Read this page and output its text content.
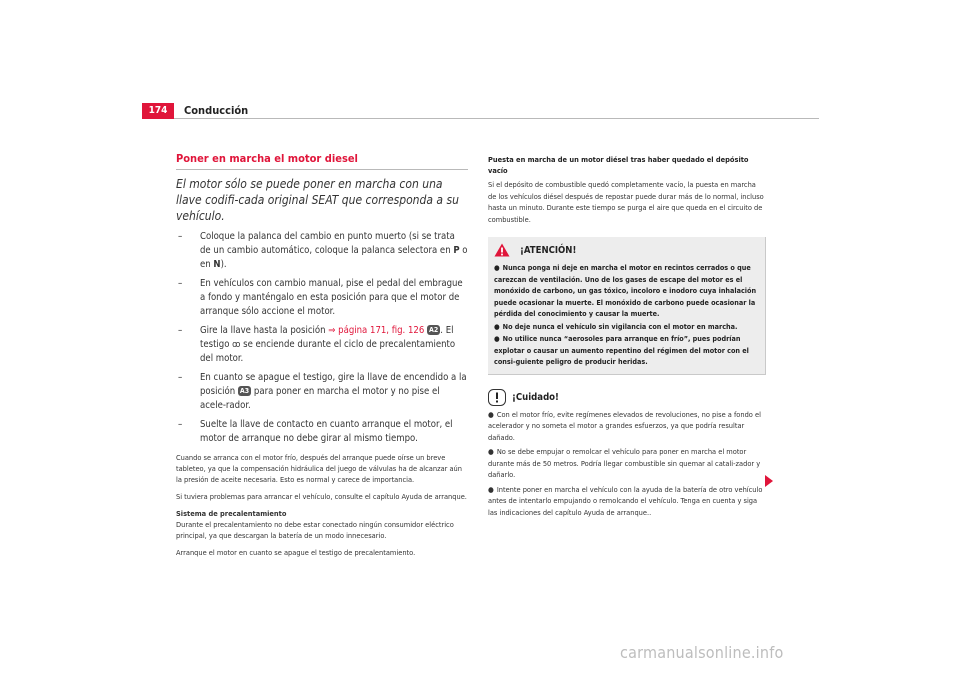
174	Conducción
Poner en marcha el motor diesel
El motor sólo se puede poner en marcha con una llave codifi-cada original SEAT que corresponda a su vehículo.
– Coloque la palanca del cambio en punto muerto (si se trata de un cambio automático, coloque la palanca selectora en P o en N).
– En vehículos con cambio manual, pise el pedal del embrague a fondo y manténgalo en esta posición para que el motor de arranque sólo accione el motor.
– Gire la llave hasta la posición ⇒ página 171, fig. 126 A2 . El testigo ꝏ se enciende durante el ciclo de precalentamiento del motor.
– En cuanto se apague el testigo, gire la llave de encendido a la posición A3 para poner en marcha el motor y no pise el acele-rador.
– Suelte la llave de contacto en cuanto arranque el motor, el motor de arranque no debe girar al mismo tiempo.
Cuando se arranca con el motor frío, después del arranque puede oírse un breve tableteo, ya que la compensación hidráulica del juego de válvulas ha de alcanzar aún la presión de aceite necesaria. Esto es normal y carece de importancia.
Si tuviera problemas para arrancar el vehículo, consulte el capítulo Ayuda de arranque.
Sistema de precalentamiento
Durante el precalentamiento no debe estar conectado ningún consumidor eléctrico principal, ya que descargan la batería de un modo innecesario.
Arranque el motor en cuanto se apague el testigo de precalentamiento.
Puesta en marcha de un motor diésel tras haber quedado el depósito vacío
Si el depósito de combustible quedó completamente vacío, la puesta en marcha de los vehículos diésel después de repostar puede durar más de lo normal, incluso hasta un minuto. Durante este tiempo se purga el aire que queda en el circuito de combustible.
¡ATENCIÓN!
● Nunca ponga ni deje en marcha el motor en recintos cerrados o que carezcan de ventilación. Uno de los gases de escape del motor es el monóxido de carbono, un gas tóxico, incoloro e inodoro cuya inhalación puede ocasionar la muerte. El monóxido de carbono puede ocasionar la pérdida del conocimiento y causar la muerte.
● No deje nunca el vehículo sin vigilancia con el motor en marcha.
● No utilice nunca “aerosoles para arranque en frío”, pues podrían explotar o causar un aumento repentino del régimen del motor con el consi-guiente peligro de producir heridas.
¡Cuidado!
● Con el motor frío, evite regímenes elevados de revoluciones, no pise a fondo el acelerador y no someta el motor a grandes esfuerzos, ya que podría resultar dañado.
● No se debe empujar o remolcar el vehículo para poner en marcha el motor durante más de 50 metros. Podría llegar combustible sin quemar al catali-zador y dañarlo.
● Intente poner en marcha el vehículo con la ayuda de la batería de otro vehículo antes de intentarlo empujando o remolcando el vehículo. Tenga en cuenta y siga las indicaciones del capítulo Ayuda de arranque..
carmanualsonline.info
